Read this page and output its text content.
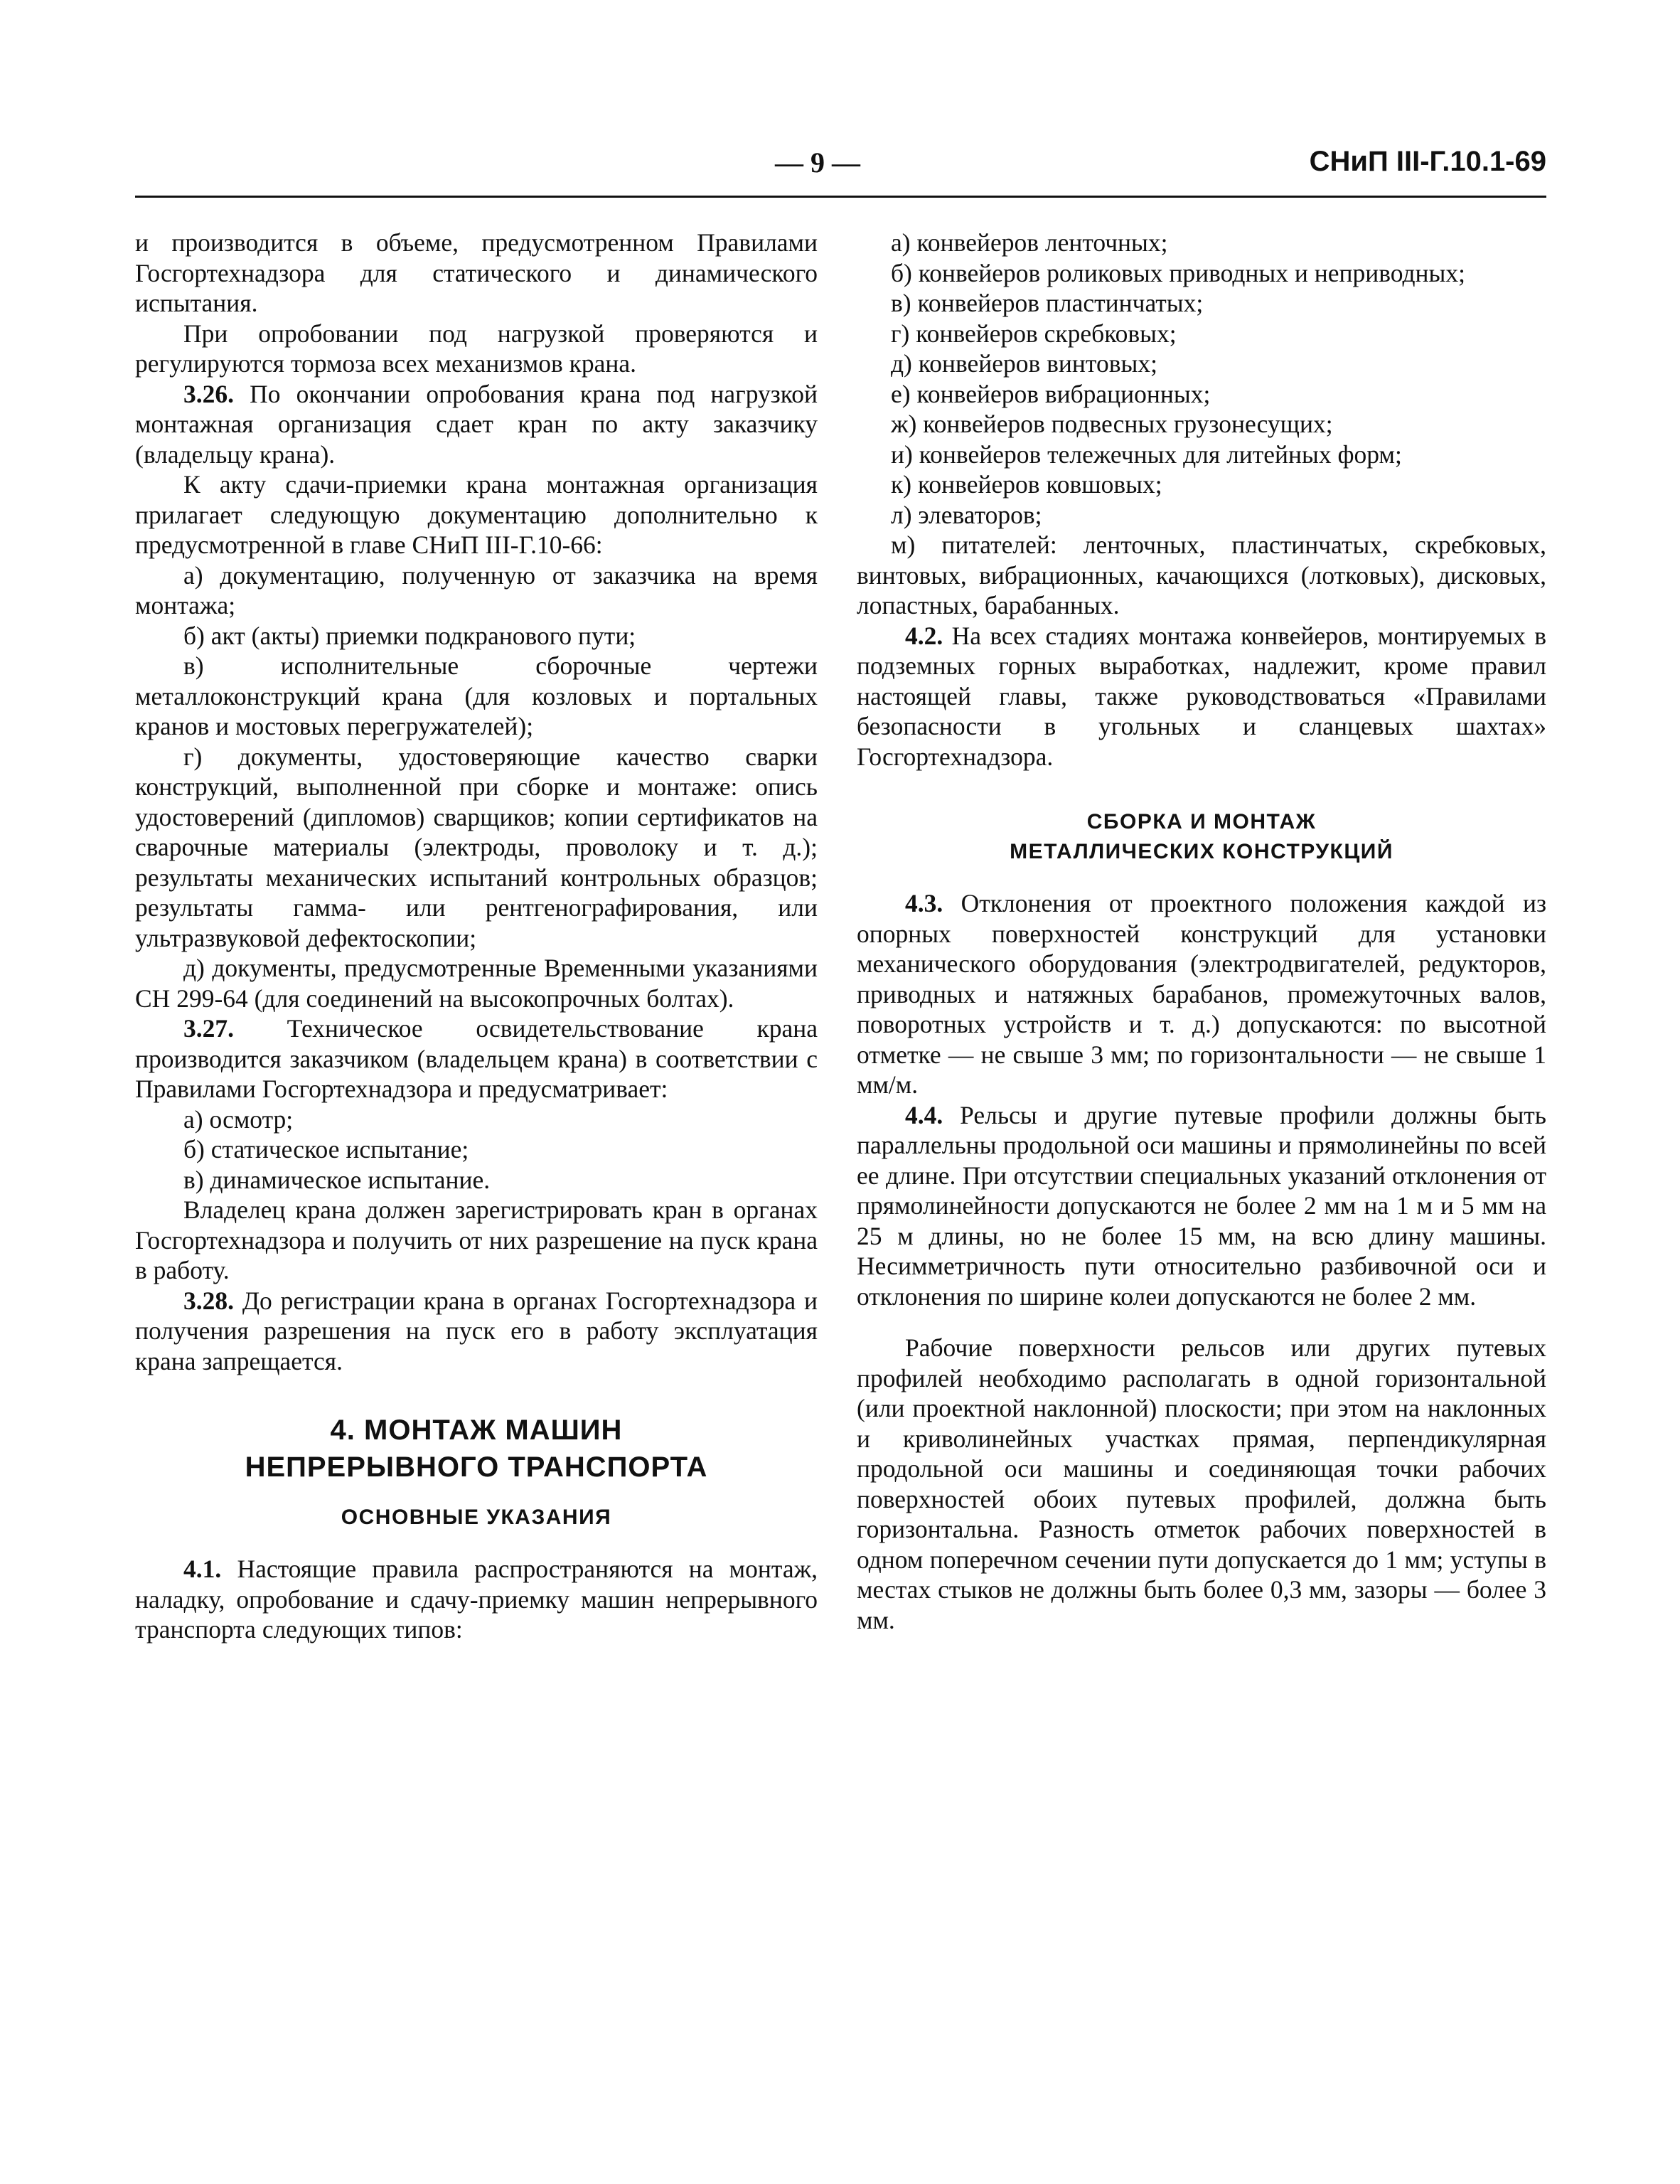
— 9 —	СНиП III-Г.10.1-69

и производится в объеме, предусмотренном Правилами Госгортехнадзора для статического и динамического испытания.

При опробовании под нагрузкой проверяются и регулируются тормоза всех механизмов крана.

3.26. По окончании опробования крана под нагрузкой монтажная организация сдает кран по акту заказчику (владельцу крана).

К акту сдачи-приемки крана монтажная организация прилагает следующую документацию дополнительно к предусмотренной в главе СНиП III-Г.10-66:

а) документацию, полученную от заказчика на время монтажа;

б) акт (акты) приемки подкранового пути;

в) исполнительные сборочные чертежи металлоконструкций крана (для козловых и портальных кранов и мостовых перегружателей);

г) документы, удостоверяющие качество сварки конструкций, выполненной при сборке и монтаже: опись удостоверений (дипломов) сварщиков; копии сертификатов на сварочные материалы (электроды, проволоку и т. д.); результаты механических испытаний контрольных образцов; результаты гамма- или рентгенографирования, или ультразвуковой дефектоскопии;

д) документы, предусмотренные Временными указаниями СН 299-64 (для соединений на высокопрочных болтах).

3.27. Техническое освидетельствование крана производится заказчиком (владельцем крана) в соответствии с Правилами Госгортехнадзора и предусматривает:

а) осмотр;

б) статическое испытание;

в) динамическое испытание.

Владелец крана должен зарегистрировать кран в органах Госгортехнадзора и получить от них разрешение на пуск крана в работу.

3.28. До регистрации крана в органах Госгортехнадзора и получения разрешения на пуск его в работу эксплуатация крана запрещается.

4. МОНТАЖ МАШИН
НЕПРЕРЫВНОГО ТРАНСПОРТА
ОСНОВНЫЕ УКАЗАНИЯ

4.1. Настоящие правила распространяются на монтаж, наладку, опробование и сдачу-приемку машин непрерывного транспорта следующих типов:

а) конвейеров ленточных;

б) конвейеров роликовых приводных и неприводных;

в) конвейеров пластинчатых;

г) конвейеров скребковых;

д) конвейеров винтовых;

е) конвейеров вибрационных;

ж) конвейеров подвесных грузонесущих;

и) конвейеров тележечных для литейных форм;

к) конвейеров ковшовых;

л) элеваторов;

м) питателей: ленточных, пластинчатых, скребковых, винтовых, вибрационных, качающихся (лотковых), дисковых, лопастных, барабанных.

4.2. На всех стадиях монтажа конвейеров, монтируемых в подземных горных выработках, надлежит, кроме правил настоящей главы, также руководствоваться «Правилами безопасности в угольных и сланцевых шахтах» Госгортехнадзора.

СБОРКА И МОНТАЖ
МЕТАЛЛИЧЕСКИХ КОНСТРУКЦИЙ

4.3. Отклонения от проектного положения каждой из опорных поверхностей конструкций для установки механического оборудования (электродвигателей, редукторов, приводных и натяжных барабанов, промежуточных валов, поворотных устройств и т. д.) допускаются: по высотной отметке — не свыше 3 мм; по горизонтальности — не свыше 1 мм/м.

4.4. Рельсы и другие путевые профили должны быть параллельны продольной оси машины и прямолинейны по всей ее длине. При отсутствии специальных указаний отклонения от прямолинейности допускаются не более 2 мм на 1 м и 5 мм на 25 м длины, но не более 15 мм, на всю длину машины. Несимметричность пути относительно разбивочной оси и отклонения по ширине колеи допускаются не более 2 мм.

Рабочие поверхности рельсов или других путевых профилей необходимо располагать в одной горизонтальной (или проектной наклонной) плоскости; при этом на наклонных и криволинейных участках прямая, перпендикулярная продольной оси машины и соединяющая точки рабочих поверхностей обоих путевых профилей, должна быть горизонтальна. Разность отметок рабочих поверхностей в одном поперечном сечении пути допускается до 1 мм; уступы в местах стыков не должны быть более 0,3 мм, зазоры — более 3 мм.
